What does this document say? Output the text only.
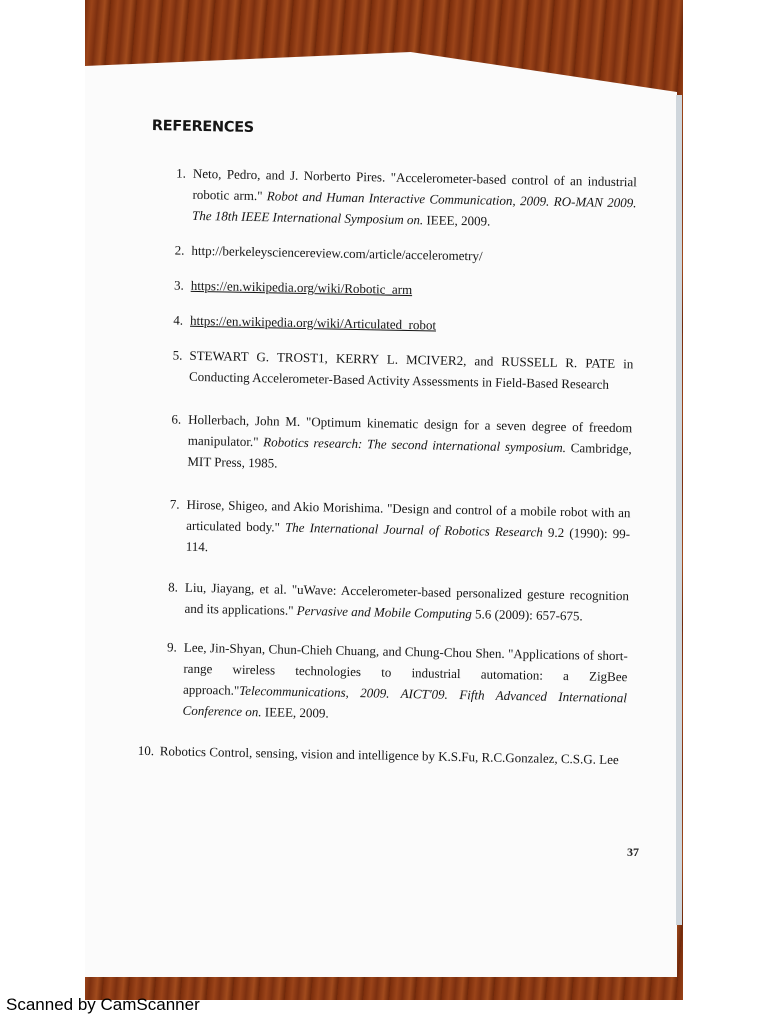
REFERENCES
1. Neto, Pedro, and J. Norberto Pires. "Accelerometer-based control of an industrial robotic arm." Robot and Human Interactive Communication, 2009. RO-MAN 2009. The 18th IEEE International Symposium on. IEEE, 2009.
2. http://berkeleysciencereview.com/article/accelerometry/
3. https://en.wikipedia.org/wiki/Robotic_arm
4. https://en.wikipedia.org/wiki/Articulated_robot
5. STEWART G. TROST1, KERRY L. MCIVER2, and RUSSELL R. PATE in Conducting Accelerometer-Based Activity Assessments in Field-Based Research
6. Hollerbach, John M. "Optimum kinematic design for a seven degree of freedom manipulator." Robotics research: The second international symposium. Cambridge, MIT Press, 1985.
7. Hirose, Shigeo, and Akio Morishima. "Design and control of a mobile robot with an articulated body." The International Journal of Robotics Research 9.2 (1990): 99-114.
8. Liu, Jiayang, et al. "uWave: Accelerometer-based personalized gesture recognition and its applications." Pervasive and Mobile Computing 5.6 (2009): 657-675.
9. Lee, Jin-Shyan, Chun-Chieh Chuang, and Chung-Chou Shen. "Applications of short-range wireless technologies to industrial automation: a ZigBee approach."Telecommunications, 2009. AICT'09. Fifth Advanced International Conference on. IEEE, 2009.
10. Robotics Control, sensing, vision and intelligence by K.S.Fu, R.C.Gonzalez, C.S.G. Lee
37
Scanned by CamScanner
